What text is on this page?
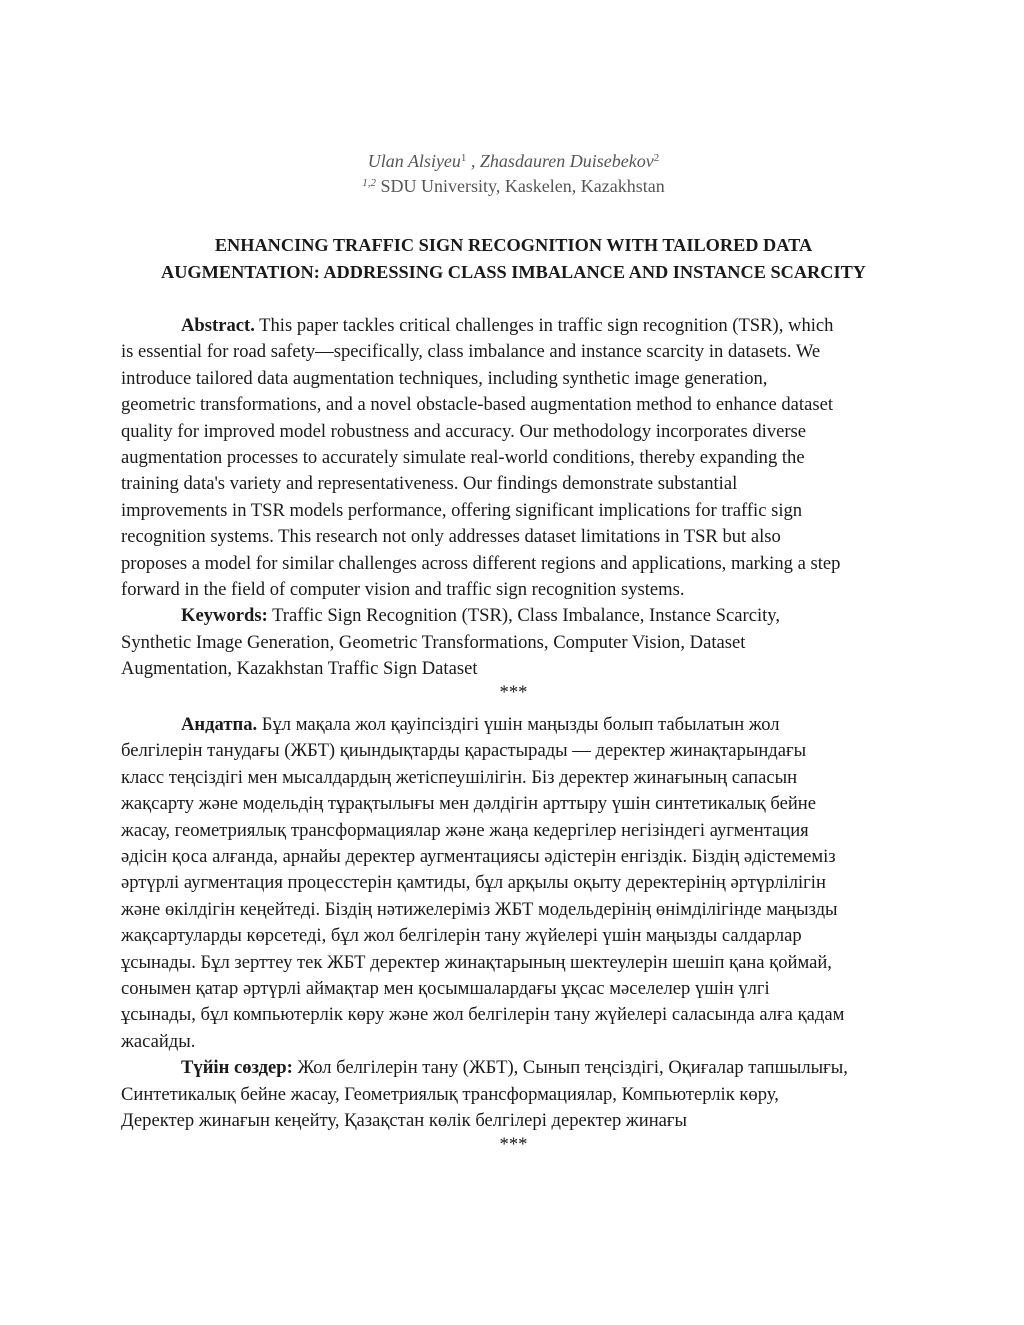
Ulan Alsiyeu$^1$ , Zhasdauren Duisebekov$^2$
$^{1,2}$ SDU University, Kaskelen, Kazakhstan
ENHANCING TRAFFIC SIGN RECOGNITION WITH TAILORED DATA
AUGMENTATION: ADDRESSING CLASS IMBALANCE AND INSTANCE SCARCITY
Abstract. This paper tackles critical challenges in traffic sign recognition (TSR), which
is essential for road safety—specifically, class imbalance and instance scarcity in datasets. We
introduce tailored data augmentation techniques, including synthetic image generation,
geometric transformations, and a novel obstacle-based augmentation method to enhance dataset
quality for improved model robustness and accuracy. Our methodology incorporates diverse
augmentation processes to accurately simulate real-world conditions, thereby expanding the
training data's variety and representativeness. Our findings demonstrate substantial
improvements in TSR models performance, offering significant implications for traffic sign
recognition systems. This research not only addresses dataset limitations in TSR but also
proposes a model for similar challenges across different regions and applications, marking a step
forward in the field of computer vision and traffic sign recognition systems.
Keywords: Traffic Sign Recognition (TSR), Class Imbalance, Instance Scarcity,
Synthetic Image Generation, Geometric Transformations, Computer Vision, Dataset
Augmentation, Kazakhstan Traffic Sign Dataset
***
Андатпа. Бұл мақала жол қауіпсіздігі үшін маңызды болып табылатын жол
белгілерін танудағы (ЖБТ) қиындықтарды қарастырады — деректер жинақтарындағы
класс теңсіздігі мен мысалдардың жетіспеушілігін. Біз деректер жинағының сапасын
жақсарту және модельдің тұрақтылығы мен дәлдігін арттыру үшін синтетикалық бейне
жасау, геометриялық трансформациялар және жаңа кедергілер негізіндегі аугментация
әдісін қоса алғанда, арнайы деректер аугментациясы әдістерін енгіздік. Біздің әдістемеміз
әртүрлі аугментация процесстерін қамтиды, бұл арқылы оқыту деректерінің әртүрлілігін
және өкілдігін кеңейтеді. Біздің нәтижелеріміз ЖБТ модельдерінің өнімділігінде маңызды
жақсартуларды көрсетеді, бұл жол белгілерін тану жүйелері үшін маңызды салдарлар
ұсынады. Бұл зерттеу тек ЖБТ деректер жинақтарының шектеулерін шешіп қана қоймай,
сонымен қатар әртүрлі аймақтар мен қосымшалардағы ұқсас мәселелер үшін үлгі
ұсынады, бұл компьютерлік көру және жол белгілерін тану жүйелері саласында алға қадам
жасайды.
Түйін сөздер: Жол белгілерін тану (ЖБТ), Сынып теңсіздігі, Оқиғалар тапшылығы,
Синтетикалық бейне жасау, Геометриялық трансформациялар, Компьютерлік көру,
Деректер жинағын кеңейту, Қазақстан көлік белгілері деректер жинағы
***
